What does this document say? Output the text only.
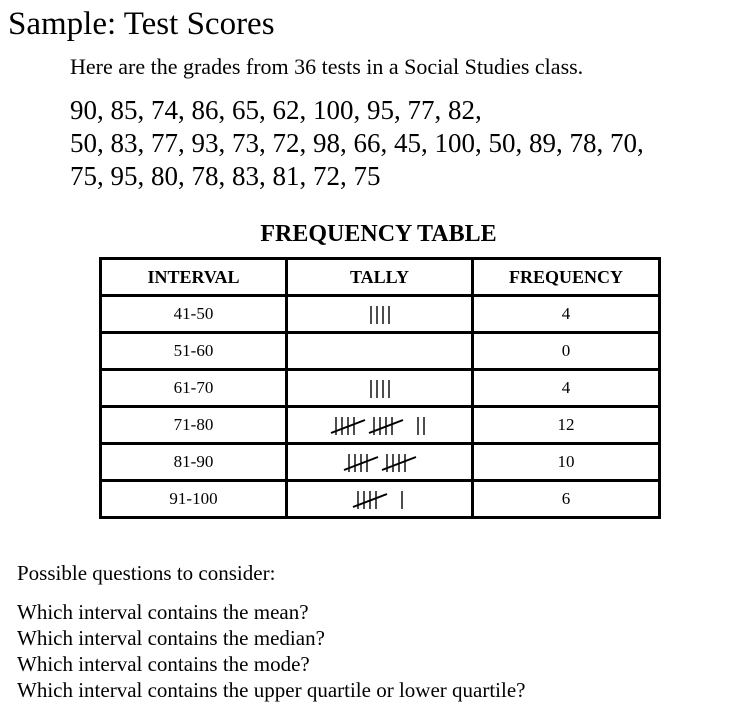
Sample: Test Scores
Here are the grades from 36 tests in a Social Studies class.
90, 85, 74, 86, 65, 62, 100, 95, 77, 82,
50, 83, 77, 93, 73, 72, 98, 66, 45, 100, 50, 89, 78, 70,
75, 95, 80, 78, 83, 81, 72, 75
FREQUENCY TABLE
INTERVAL	TALLY	FREQUENCY
41-50		4
51-60		0
61-70		4
71-80		12
81-90		10
91-100		6
Possible questions to consider:
Which interval contains the mean?
Which interval contains the median?
Which interval contains the mode?
Which interval contains the upper quartile or lower quartile?
